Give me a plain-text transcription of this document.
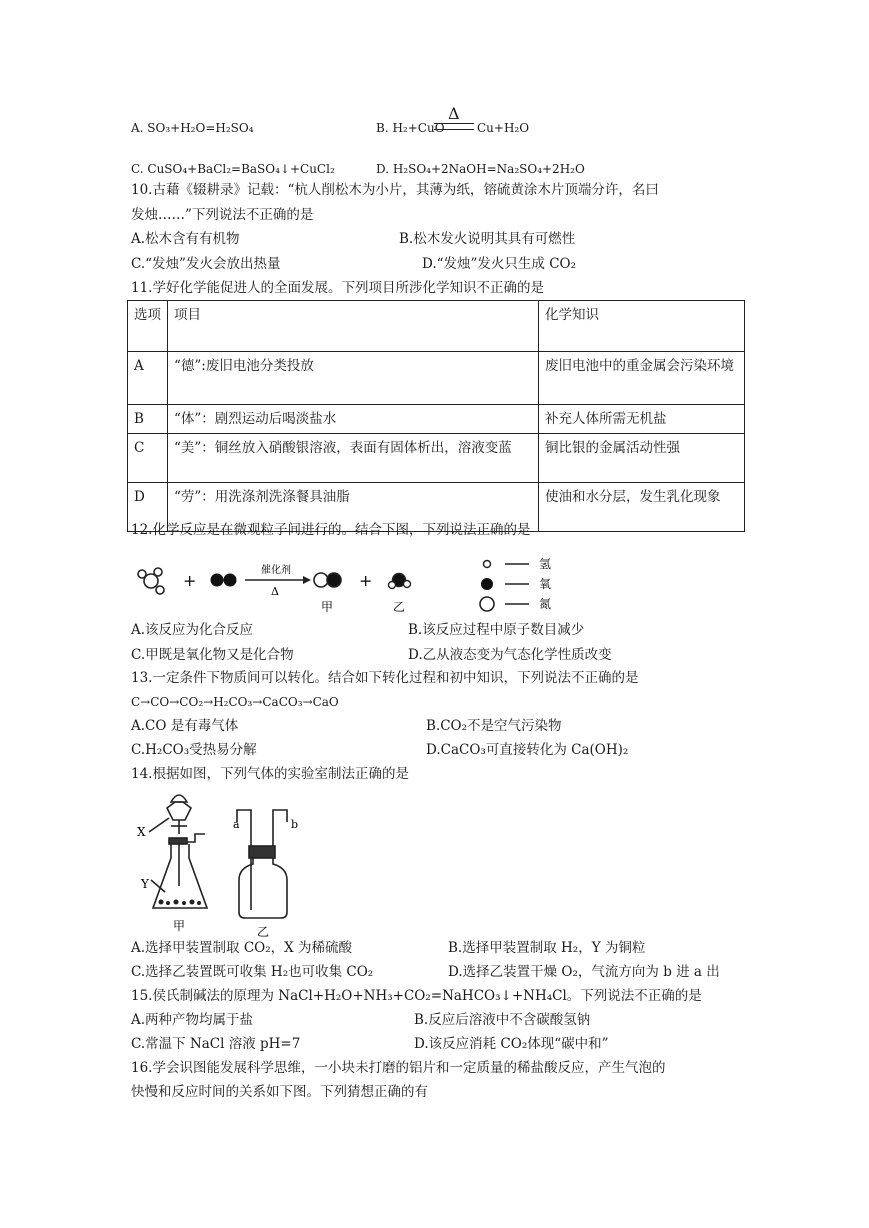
A. SO₃+H₂O=H₂SO₄	B. H₂+CuO
Δ
Cu+H₂O
C. CuSO₄+BaCl₂=BaSO₄↓+CuCl₂	D. H₂SO₄+2NaOH=Na₂SO₄+2H₂O
10.古藉《辍耕录》记载：“杭人削松木为小片，其薄为纸，镕硫黄涂木片顶端分许，名曰
发烛……”下列说法不正确的是
A.松木含有有机物	B.松木发火说明其具有可燃性
C.“发烛”发火会放出热量	D.“发烛”发火只生成 CO₂
11.学好化学能促进人的全面发展。下列项目所涉化学知识不正确的是
选项	项目	化学知识
A	“德”:废旧电池分类投放	废旧电池中的重金属会污染环境
B	“体”：剧烈运动后喝淡盐水	补充人体所需无机盐
C	“美”：铜丝放入硝酸银溶液，表面有固体析出，溶液变蓝	铜比银的金属活动性强
D	“劳”：用洗涤剂洗涤餐具油脂	使油和水分层，发生乳化现象
12.化学反应是在微观粒子间进行的。结合下图，下列说法正确的是
+
催化剂
Δ
甲
+
乙
氢
氧
氮
A.该反应为化合反应	B.该反应过程中原子数目减少
C.甲既是氧化物又是化合物	D.乙从液态变为气态化学性质改变
13.一定条件下物质间可以转化。结合如下转化过程和初中知识，下列说法不正确的是
C→CO→CO₂→H₂CO₃→CaCO₃→CaO
A.CO 是有毒气体	B.CO₂不是空气污染物
C.H₂CO₃受热易分解	D.CaCO₃可直接转化为 Ca(OH)₂
14.根据如图，下列气体的实验室制法正确的是
X
Y
甲
a	b
乙
A.选择甲装置制取 CO₂，X 为稀硫酸	B.选择甲装置制取 H₂，Y 为铜粒
C.选择乙装置既可收集 H₂也可收集 CO₂	D.选择乙装置干燥 O₂，气流方向为 b 进 a 出
15.侯氏制碱法的原理为 NaCl+H₂O+NH₃+CO₂=NaHCO₃↓+NH₄Cl。下列说法不正确的是
A.两种产物均属于盐	B.反应后溶液中不含碳酸氢钠
C.常温下 NaCl 溶液 pH=7	D.该反应消耗 CO₂体现“碳中和”
16.学会识图能发展科学思维，一小块未打磨的铝片和一定质量的稀盐酸反应，产生气泡的
快慢和反应时间的关系如下图。下列猜想正确的有
